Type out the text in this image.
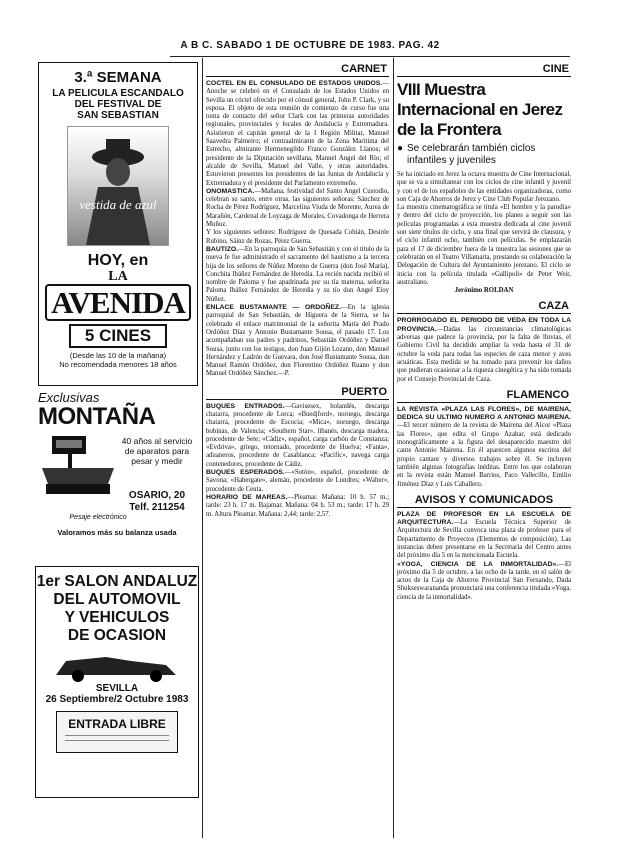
A B C. SABADO 1 DE OCTUBRE DE 1983. PAG. 42
3.ª SEMANA
LA PELICULA ESCANDALO
DEL FESTIVAL DE
SAN SEBASTIAN
vestida de azul
HOY, en
LA
AVENIDA
5 CINES
(Desde las 10 de la mañana)
No recomendada menores 18 años
Exclusivas
MONTAÑA
40 años al servicio de aparatos para pesar y medir
OSARIO, 20
Telf. 211254
Pesaje electrónico
Valoramos más su balanza usada
1er SALON ANDALUZ
DEL AUTOMOVIL
Y VEHICULOS
DE OCASION
SEVILLA
26 Septiembre/2 Octubre 1983
ENTRADA LIBRE
CARNET

COCTEL EN EL CONSULADO DE ESTADOS UNIDOS.—Anoche se celebró en el Consulado de los Estados Unidos en Sevilla un cóctel ofrecido por el cónsul general, John P. Clark, y su esposa. El objeto de esta reunión de comienzo de curso fue una toma de contacto del señor Clark con las primeras autoridades regionales, provinciales y locales de Andalucía y Extremadura. Asistieron el capitán general de la I Región Militar, Manuel Saavedra Palmeiro; el contraalmirante de la Zona Marítima del Estrecho, almirante Hermenegildo Franco González Llanos; el presidente de la Diputación sevillana, Manuel Angel del Río; el alcalde de Sevilla, Manuel del Valle, y otras autoridades. Estuvieron presentes los presidentes de las Juntas de Andalucía y Extremadura y el presidente del Parlamento extremeño.

ONOMASTICA.—Mañana, festividad del Santo Angel Custodio, celebran su santo, entre otras, las siguientes señoras: Sánchez de Rocha de Pérez Rodríguez, Marcelina Viuda de Morente, Aurea de Marañón, Cardenal de Loyzaga de Morales, Covadonga de Herrera Muñoz.

Y los siguientes señores: Rodríguez de Quesada Cobián, Desirée Rubino, Sáinz de Rozas, Pérez Guerra.

BAUTIZO.—En la parroquia de San Sebastián y con el título de la nueva fe fue administrado el sacramento del bautismo a la tercera hija de los señores de Núñez Moreno de Guerra (don José María), Conchita Ibáñez Fernández de Heredia. La recién nacida recibió el nombre de Paloma y fue apadrinada por su tía materna, señorita Paloma Ibáñez Fernández de Heredia y su tío don Angel Eloy Núñez.

ENLACE BUSTAMANTE — ORDOÑEZ.—En la iglesia parroquial de San Sebastián, de Higuera de la Sierra, se ha celebrado el enlace matrimonial de la señorita María del Prado Ordóñez Díaz y Antonio Bustamante Sousa, el pasado 17. Los acompañaban sus padres y padrinos, Sebastián Ordóñez y Daniel Sousa, junto con los testigos, don Juan Gijón Lozano, don Manuel Hernández y Ladrón de Guevara, don José Bustamante Sousa, don Manuel Ramón Ordóñez, don Florentino Ordóñez Ruano y don Manuel Ordóñez Sánchez.—P.

PUERTO

BUQUES ENTRADOS.—Gavisesex, holandés, descarga chatarra, procedente de Lorca; «Buedjford», noruego, descarga chatarra, procedente de Escocia; «Mica», noruego, descarga bobinas, de Valencia; «Southern Star», libanés, descarga madera, procedente de Sete; «Cádiz», español, carga carbón de Constanza; «Evdriva», griego, retornado, procedente de Huelva; «Fanta», aduaneros, procedente de Casablanca; «Pacific», navega carga contenedores, procedente de Cádiz.

BUQUES ESPERADOS.—«Sotón», español, procedente de Savona; «Habergate», alemán, procedente de Londres; «Walter», procedente de Ceuta.

HORARIO DE MAREAS.—Pleamar. Mañana: 10 h. 57 m.; tarde: 23 h. 17 m. Bajamar. Mañana: 04 h. 53 m.; tarde: 17 h. 29 m. Altura Pleamar. Mañana: 2,44; tarde: 2,57.

CINE
VIII Muestra Internacional en Jerez de la Frontera
● Se celebrarán también ciclos infantiles y juveniles

Se ha iniciado en Jerez la octava muestra de Cine Internacional, que se va a simultanear con los ciclos de cine infantil y juvenil y con el de los españoles de las entidades organizadoras, como son Caja de Ahorros de Jerez y Cine Club Popular Jerezano.

La muestra cinematográfica se titula «El hombre y la parodia» y dentro del ciclo de proyección, los planes a seguir son las películas programadas a esta muestra dedicada al cine juvenil son siete títulos de ciclo, y una final que servirá de clausura, y el ciclo infantil ocho, también con películas. Se emplazarán para el 17 de diciembre fuera de la muestra las sesiones que se celebrarán en el Teatro Villamarta, prestando su colaboración la Delegación de Cultura del Ayuntamiento jerezano. El ciclo se inicia con la película titulada «Gallipoli» de Peter Weir, australiano.

Jerónimo ROLDAN

CAZA

PRORROGADO EL PERIODO DE VEDA EN TODA LA PROVINCIA.—Dadas las circunstancias climatológicas adversas que padece la provincia, por la falta de lluvias, el Gobierno Civil ha decidido ampliar la veda hasta el 31 de octubre la veda para todas las especies de caza menor y aves acuáticas. Esta medida se ha tomado para prevenir los daños que pudieran ocasionar a la riqueza cinegética y ha sido tomada por el Consejo Provincial de Caza.

FLAMENCO

LA REVISTA «PLAZA LAS FLORES», DE MAIRENA, DEDICA SU ULTIMO NUMERO A ANTONIO MAIRENA.—El tercer número de la revista de Mairena del Alcor «Plaza las Flores», que edita el Grupo Azahar, está dedicado monográficamente a la figura del desaparecido maestro del cante Antonio Mairena. En él aparecen algunos escritos del propio cantaor y diversos trabajos sobre él. Se incluyen también algunas fotografías inéditas. Entre los que colaboran en la revista están Manuel Barrios, Paco Vallecillo, Emilio Jiménez Díaz y Luis Caballero.

AVISOS Y COMUNICADOS

PLAZA DE PROFESOR EN LA ESCUELA DE ARQUITECTURA.—La Escuela Técnica Superior de Arquitectura de Sevilla convoca una plaza de profesor para el Departamento de Proyectos (Elementos de composición). Las instancias deben presentarse en la Secretaría del Centro antes del próximo día 5 en la mencionada Escuela.

«YOGA, CIENCIA DE LA INMORTALIDAD».—El próximo día 5 de octubre, a las ocho de la tarde, en el salón de actos de la Caja de Ahorros Provincial San Fernando, Dada Shukseswarananda pronunciará una conferencia titulada «Yoga, ciencia de la inmortalidad».
